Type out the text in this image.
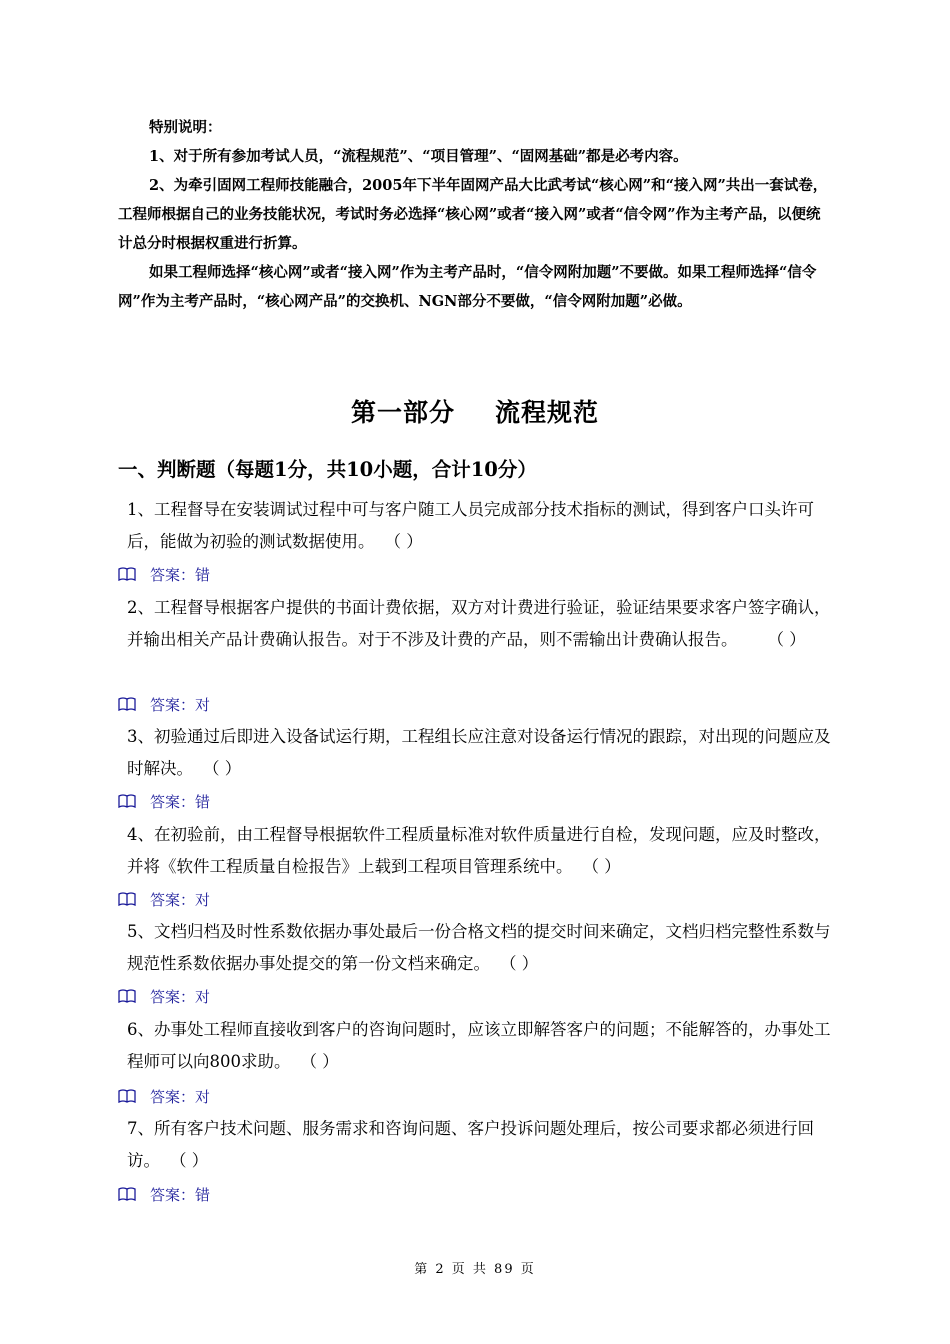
特别说明：

1、对于所有参加考试人员，“流程规范”、“项目管理”、“固网基础”都是必考内容。

2、为牵引固网工程师技能融合，2005年下半年固网产品大比武考试“核心网”和“接入网”共出一套试卷，工程师根据自己的业务技能状况，考试时务必选择“核心网”或者“接入网”或者“信令网”作为主考产品，以便统计总分时根据权重进行折算。

如果工程师选择“核心网”或者“接入网”作为主考产品时，“信令网附加题”不要做。如果工程师选择“信令网”作为主考产品时，“核心网产品”的交换机、NGN部分不要做，“信令网附加题”必做。

第一部分 流程规范
一、判断题（每题1分，共10小题，合计10分）
1、工程督导在安装调试过程中可与客户随工人员完成部分技术指标的测试，得到客户口头许可后，能做为初验的测试数据使用。 （ ）
答案： 错
2、工程督导根据客户提供的书面计费依据，双方对计费进行验证，验证结果要求客户签字确认，并输出相关产品计费确认报告。对于不涉及计费的产品，则不需输出计费确认报告。 （ ）
答案： 对
3、初验通过后即进入设备试运行期，工程组长应注意对设备运行情况的跟踪，对出现的问题应及时解决。 （ ）
答案： 错
4、在初验前，由工程督导根据软件工程质量标准对软件质量进行自检，发现问题，应及时整改，并将《软件工程质量自检报告》上载到工程项目管理系统中。 （ ）
答案： 对
5、文档归档及时性系数依据办事处最后一份合格文档的提交时间来确定，文档归档完整性系数与规范性系数依据办事处提交的第一份文档来确定。 （ ）
答案： 对
6、办事处工程师直接收到客户的咨询问题时，应该立即解答客户的问题；不能解答的，办事处工程师可以向800求助。 （ ）
答案： 对
7、所有客户技术问题、服务需求和咨询问题、客户投诉问题处理后，按公司要求都必须进行回访。 （ ）
答案： 错
第 2 页 共 89 页
